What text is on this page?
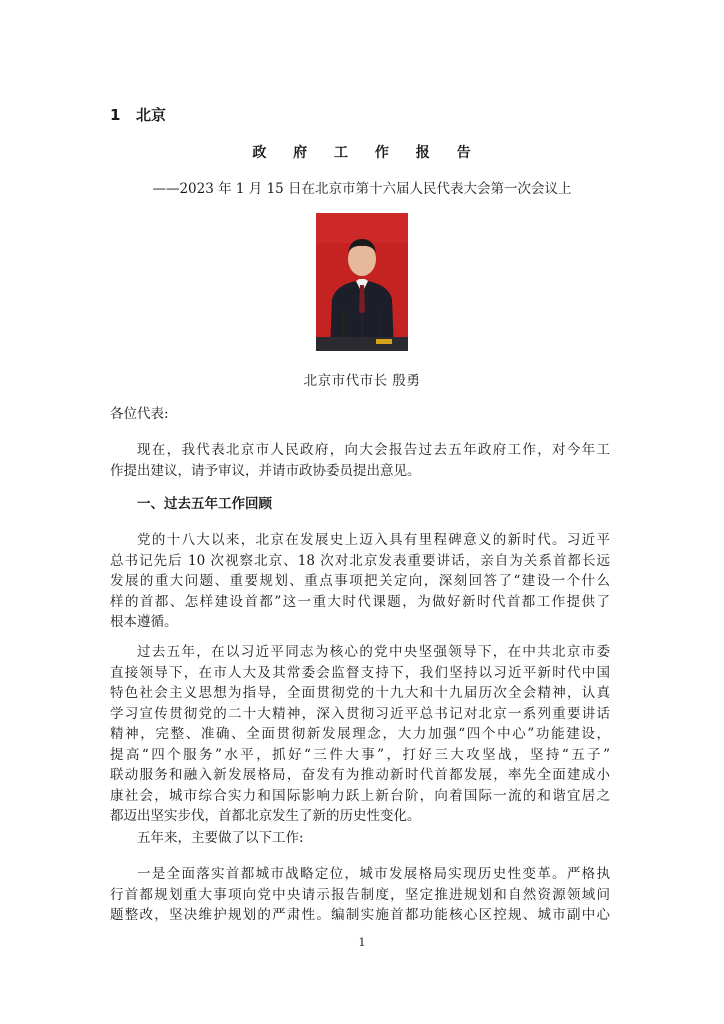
1 北京
政 府 工 作 报 告
——2023 年 1 月 15 日在北京市第十六届人民代表大会第一次会议上
北京市代市长 殷勇
各位代表:
现在，我代表北京市人民政府，向大会报告过去五年政府工作，对今年工
作提出建议，请予审议，并请市政协委员提出意见。
一、过去五年工作回顾
党的十八大以来，北京在发展史上迈入具有里程碑意义的新时代。习近平
总书记先后 10 次视察北京、18 次对北京发表重要讲话，亲自为关系首都长远
发展的重大问题、重要规划、重点事项把关定向，深刻回答了“建设一个什么
样的首都、怎样建设首都”这一重大时代课题，为做好新时代首都工作提供了
根本遵循。
过去五年，在以习近平同志为核心的党中央坚强领导下，在中共北京市委
直接领导下，在市人大及其常委会监督支持下，我们坚持以习近平新时代中国
特色社会主义思想为指导，全面贯彻党的十九大和十九届历次全会精神，认真
学习宣传贯彻党的二十大精神，深入贯彻习近平总书记对北京一系列重要讲话
精神，完整、准确、全面贯彻新发展理念，大力加强“四个中心”功能建设，
提高“四个服务”水平，抓好“三件大事”，打好三大攻坚战，坚持“五子”
联动服务和融入新发展格局，奋发有为推动新时代首都发展，率先全面建成小
康社会，城市综合实力和国际影响力跃上新台阶，向着国际一流的和谐宜居之
都迈出坚实步伐，首都北京发生了新的历史性变化。
五年来，主要做了以下工作:
一是全面落实首都城市战略定位，城市发展格局实现历史性变革。严格执
行首都规划重大事项向党中央请示报告制度，坚定推进规划和自然资源领域问
题整改，坚决维护规划的严肃性。编制实施首都功能核心区控规、城市副中心
1
